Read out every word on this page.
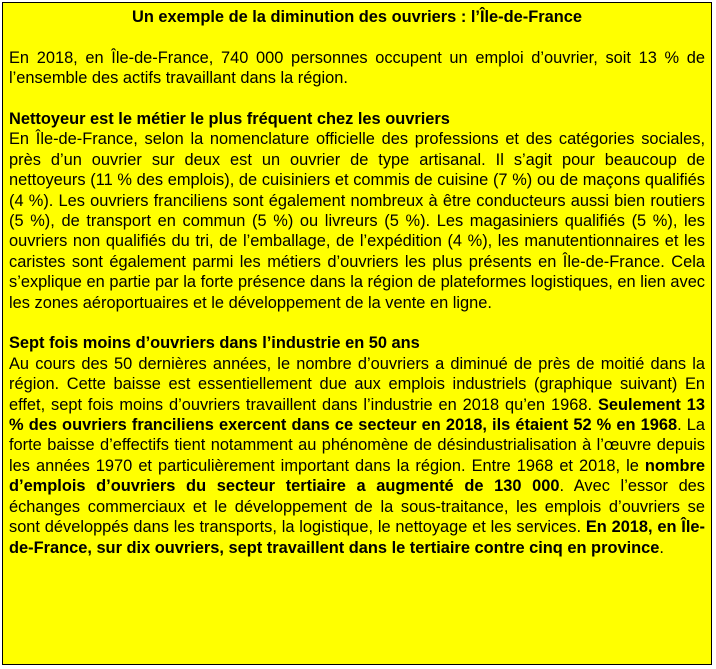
Un exemple de la diminution des ouvriers : l’Île-de-France

En 2018, en Île-de-France, 740 000 personnes occupent un emploi d’ouvrier, soit 13 % de l’ensemble des actifs travaillant dans la région.

Nettoyeur est le métier le plus fréquent chez les ouvriers

En Île-de-France, selon la nomenclature officielle des professions et des catégories sociales, près d’un ouvrier sur deux est un ouvrier de type artisanal. Il s’agit pour beaucoup de nettoyeurs (11 % des emplois), de cuisiniers et commis de cuisine (7 %) ou de maçons qualifiés (4 %). Les ouvriers franciliens sont également nombreux à être conducteurs aussi bien routiers (5 %), de transport en commun (5 %) ou livreurs (5 %). Les magasiniers qualifiés (5 %), les ouvriers non qualifiés du tri, de l’emballage, de l’expédition (4 %), les manutentionnaires et les caristes sont également parmi les métiers d’ouvriers les plus présents en Île-de-France. Cela s’explique en partie par la forte présence dans la région de plateformes logistiques, en lien avec les zones aéroportuaires et le développement de la vente en ligne.

Sept fois moins d’ouvriers dans l’industrie en 50 ans

Au cours des 50 dernières années, le nombre d’ouvriers a diminué de près de moitié dans la région. Cette baisse est essentiellement due aux emplois industriels (graphique suivant) En effet, sept fois moins d’ouvriers travaillent dans l’industrie en 2018 qu’en 1968. Seulement 13 % des ouvriers franciliens exercent dans ce secteur en 2018, ils étaient 52 % en 1968. La forte baisse d’effectifs tient notamment au phénomène de désindustrialisation à l’œuvre depuis les années 1970 et particulièrement important dans la région. Entre 1968 et 2018, le nombre d’emplois d’ouvriers du secteur tertiaire a augmenté de 130 000. Avec l’essor des échanges commerciaux et le développement de la sous-traitance, les emplois d’ouvriers se sont développés dans les transports, la logistique, le nettoyage et les services. En 2018, en Île-de-France, sur dix ouvriers, sept travaillent dans le tertiaire contre cinq en province.
